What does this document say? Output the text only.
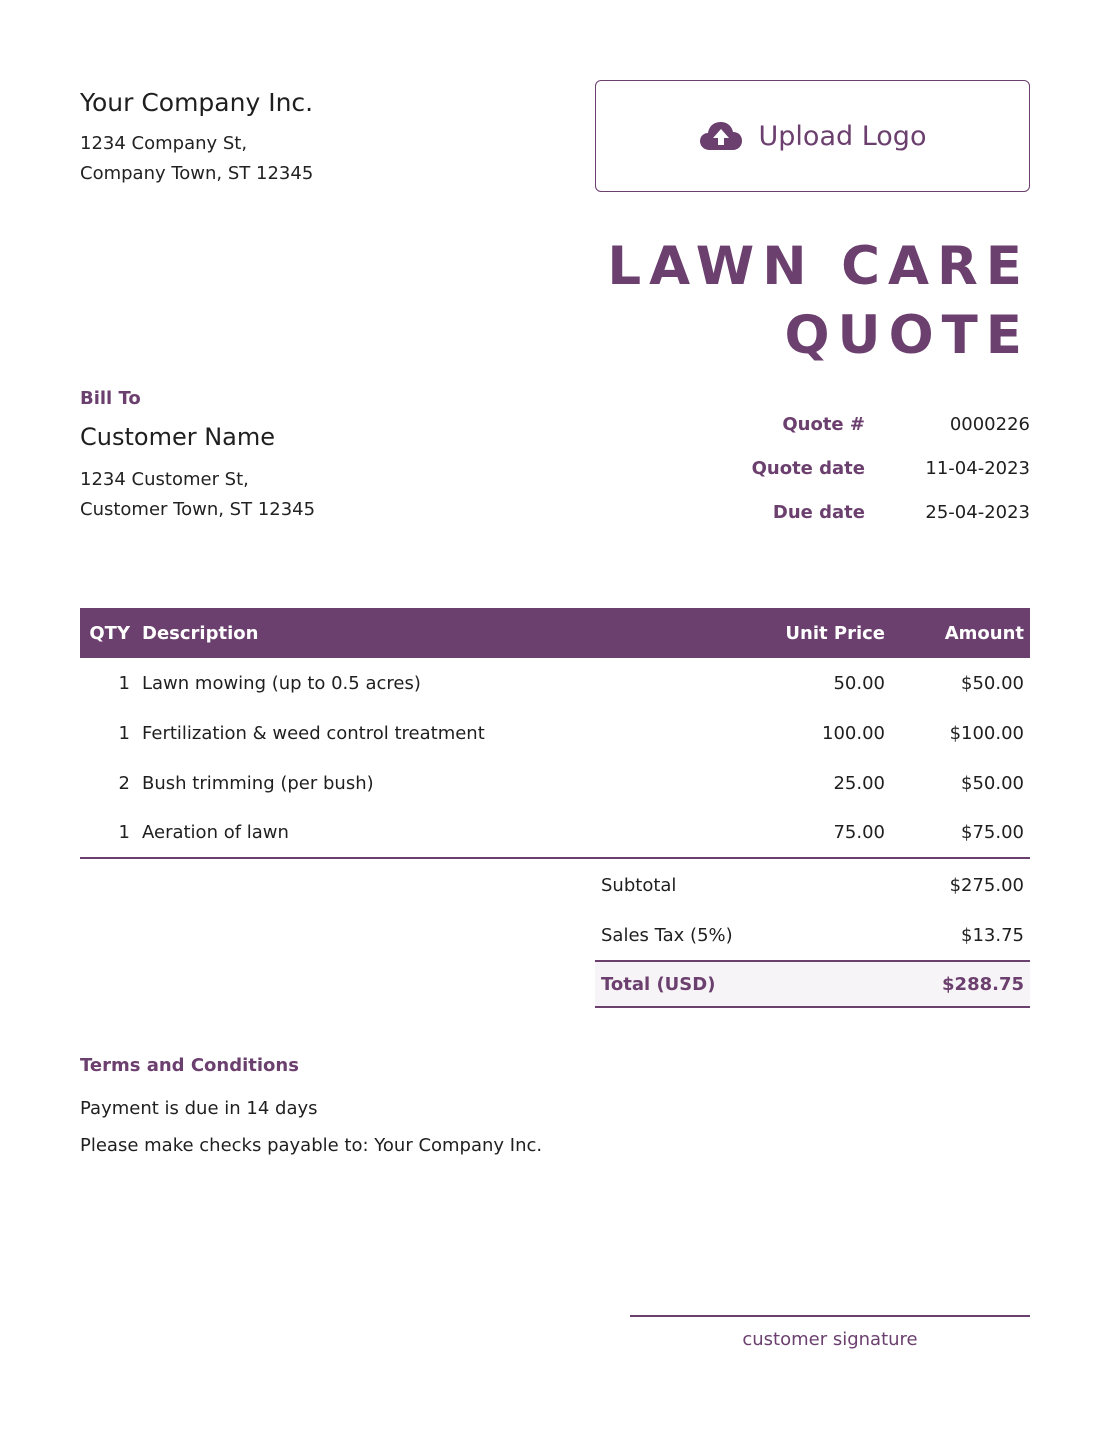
Your Company Inc.
1234 Company St,
Company Town, ST 12345
Upload Logo
LAWN CARE
QUOTE
Bill To
Customer Name
1234 Customer St,
Customer Town, ST 12345
Quote #	0000226
Quote date	11-04-2023
Due date	25-04-2023
QTY	Description	Unit Price	Amount
1	Lawn mowing (up to 0.5 acres)	50.00	$50.00
1	Fertilization & weed control treatment	100.00	$100.00
2	Bush trimming (per bush)	25.00	$50.00
1	Aeration of lawn	75.00	$75.00
Subtotal	$275.00
Sales Tax (5%)	$13.75
Total (USD)	$288.75
Terms and Conditions
Payment is due in 14 days
Please make checks payable to: Your Company Inc.
customer signature
